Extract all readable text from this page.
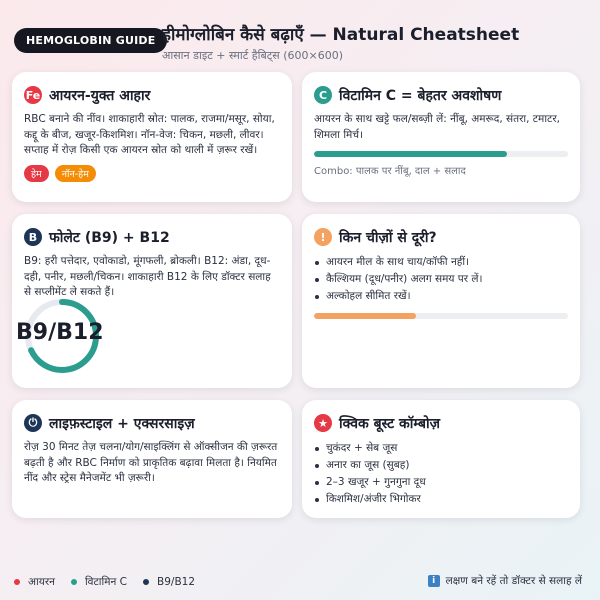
HEMOGLOBIN GUIDE हीमोग्लोबिन कैसे बढ़ाएँ — Natural Cheatsheet
आसान डाइट + स्मार्ट हैबिट्स (600×600)
Fe आयरन-युक्त आहार
RBC बनाने की नींव। शाकाहारी स्रोत: पालक, राजमा/मसूर, सोया, कद्दू के बीज, खजूर-किशमिश। नॉन-वेज: चिकन, मछली, लीवर। सप्ताह में रोज़ किसी एक आयरन स्रोत को थाली में ज़रूर रखें।
हेम	नॉन-हेम
C विटामिन C = बेहतर अवशोषण
आयरन के साथ खट्टे फल/सब्ज़ी लें: नींबू, अमरूद, संतरा, टमाटर, शिमला मिर्च।
Combo: पालक पर नींबू, दाल + सलाद
B फोलेट (B9) + B12
B9: हरी पत्तेदार, एवोकाडो, मूंगफली, ब्रोकली। B12: अंडा, दूध-दही, पनीर, मछली/चिकन। शाकाहारी B12 के लिए डॉक्टर सलाह से सप्लीमेंट ले सकते हैं।
B9/B12
! किन चीज़ों से दूरी?
आयरन मील के साथ चाय/कॉफी नहीं।
कैल्शियम (दूध/पनीर) अलग समय पर लें।
अल्कोहल सीमित रखें।
⏻ लाइफ़स्टाइल + एक्सरसाइज़
रोज़ 30 मिनट तेज़ चलना/योग/साइक्लिंग से ऑक्सीजन की ज़रूरत बढ़ती है और RBC निर्माण को प्राकृतिक बढ़ावा मिलता है। नियमित नींद और स्ट्रेस मैनेजमेंट भी ज़रूरी।
★ क्विक बूस्ट कॉम्बोज़
चुकंदर + सेब जूस
अनार का जूस (सुबह)
2–3 खजूर + गुनगुना दूध
किशमिश/अंजीर भिगोकर
आयरन	विटामिन C	B9/B12	i लक्षण बने रहें तो डॉक्टर से सलाह लें
